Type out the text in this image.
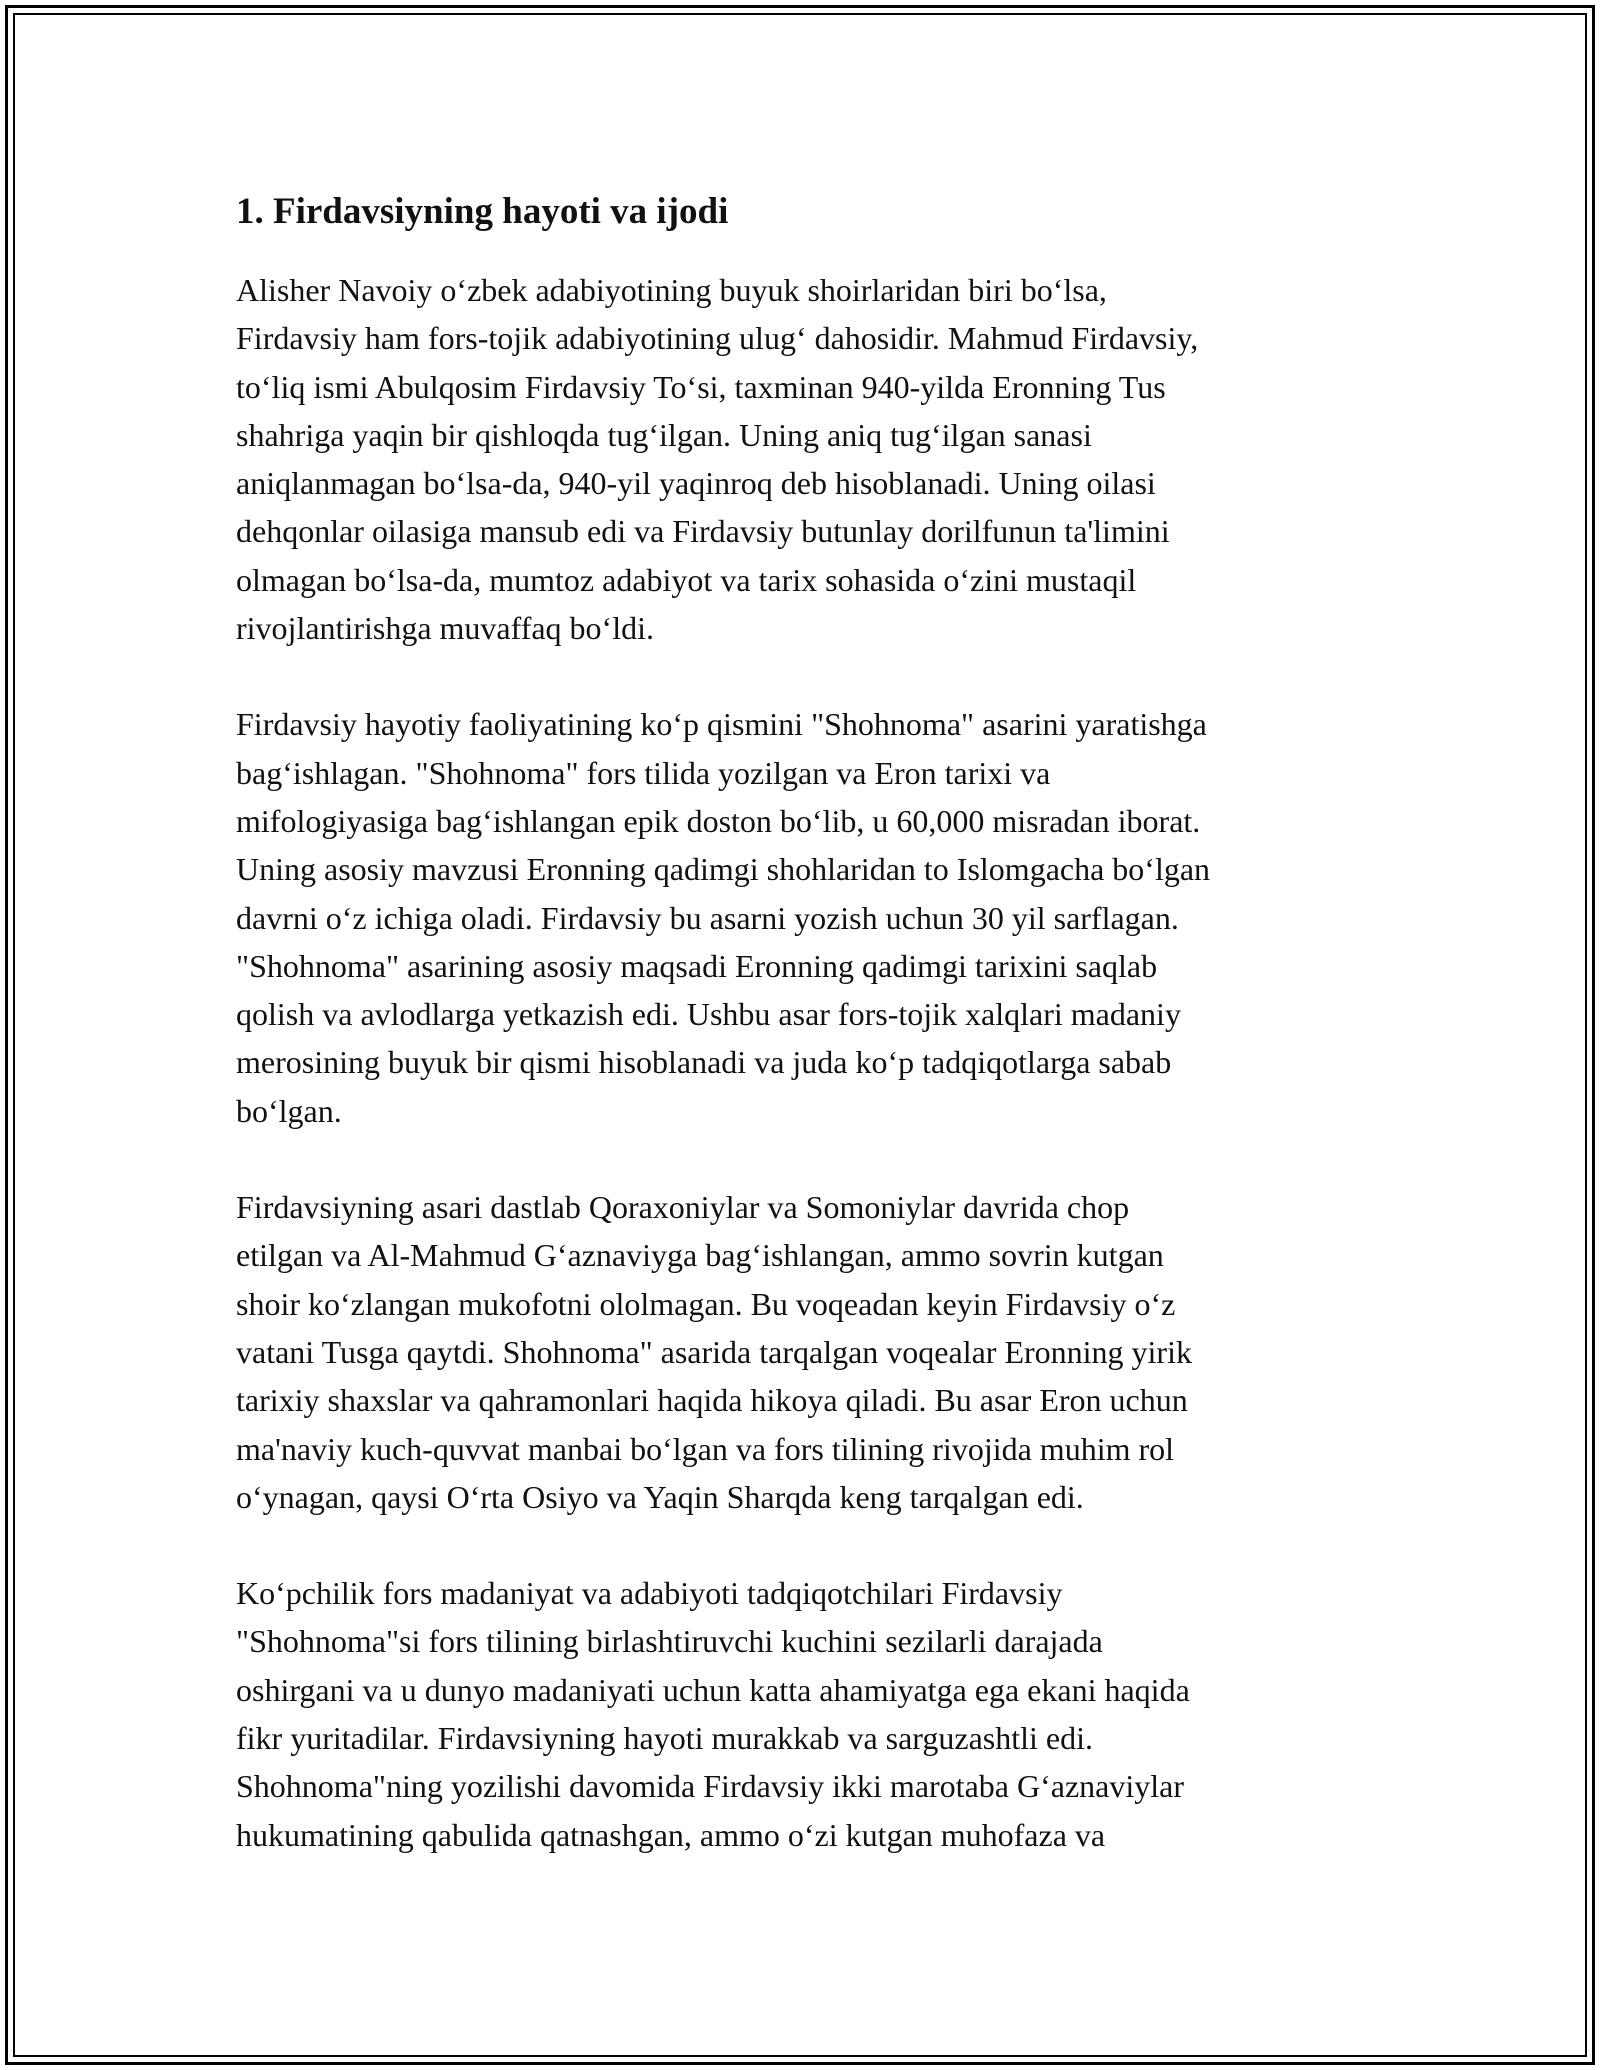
1. Firdavsiyning hayoti va ijodi

Alisher Navoiy o‘zbek adabiyotining buyuk shoirlaridan biri bo‘lsa,
Firdavsiy ham fors-tojik adabiyotining ulug‘ dahosidir. Mahmud Firdavsiy,
to‘liq ismi Abulqosim Firdavsiy To‘si, taxminan 940-yilda Eronning Tus
shahriga yaqin bir qishloqda tug‘ilgan. Uning aniq tug‘ilgan sanasi
aniqlanmagan bo‘lsa-da, 940-yil yaqinroq deb hisoblanadi. Uning oilasi
dehqonlar oilasiga mansub edi va Firdavsiy butunlay dorilfunun ta'limini
olmagan bo‘lsa-da, mumtoz adabiyot va tarix sohasida o‘zini mustaqil
rivojlantirishga muvaffaq bo‘ldi.

Firdavsiy hayotiy faoliyatining ko‘p qismini "Shohnoma" asarini yaratishga
bag‘ishlagan. "Shohnoma" fors tilida yozilgan va Eron tarixi va
mifologiyasiga bag‘ishlangan epik doston bo‘lib, u 60,000 misradan iborat.
Uning asosiy mavzusi Eronning qadimgi shohlaridan to Islomgacha bo‘lgan
davrni o‘z ichiga oladi. Firdavsiy bu asarni yozish uchun 30 yil sarflagan.
"Shohnoma" asarining asosiy maqsadi Eronning qadimgi tarixini saqlab
qolish va avlodlarga yetkazish edi. Ushbu asar fors-tojik xalqlari madaniy
merosining buyuk bir qismi hisoblanadi va juda ko‘p tadqiqotlarga sabab
bo‘lgan.

Firdavsiyning asari dastlab Qoraxoniylar va Somoniylar davrida chop
etilgan va Al-Mahmud G‘aznaviyga bag‘ishlangan, ammo sovrin kutgan
shoir ko‘zlangan mukofotni ololmagan. Bu voqeadan keyin Firdavsiy o‘z
vatani Tusga qaytdi. Shohnoma" asarida tarqalgan voqealar Eronning yirik
tarixiy shaxslar va qahramonlari haqida hikoya qiladi. Bu asar Eron uchun
ma'naviy kuch-quvvat manbai bo‘lgan va fors tilining rivojida muhim rol
o‘ynagan, qaysi O‘rta Osiyo va Yaqin Sharqda keng tarqalgan edi.

Ko‘pchilik fors madaniyat va adabiyoti tadqiqotchilari Firdavsiy
"Shohnoma"si fors tilining birlashtiruvchi kuchini sezilarli darajada
oshirgani va u dunyo madaniyati uchun katta ahamiyatga ega ekani haqida
fikr yuritadilar. Firdavsiyning hayoti murakkab va sarguzashtli edi.
Shohnoma"ning yozilishi davomida Firdavsiy ikki marotaba G‘aznaviylar
hukumatining qabulida qatnashgan, ammo o‘zi kutgan muhofaza va
